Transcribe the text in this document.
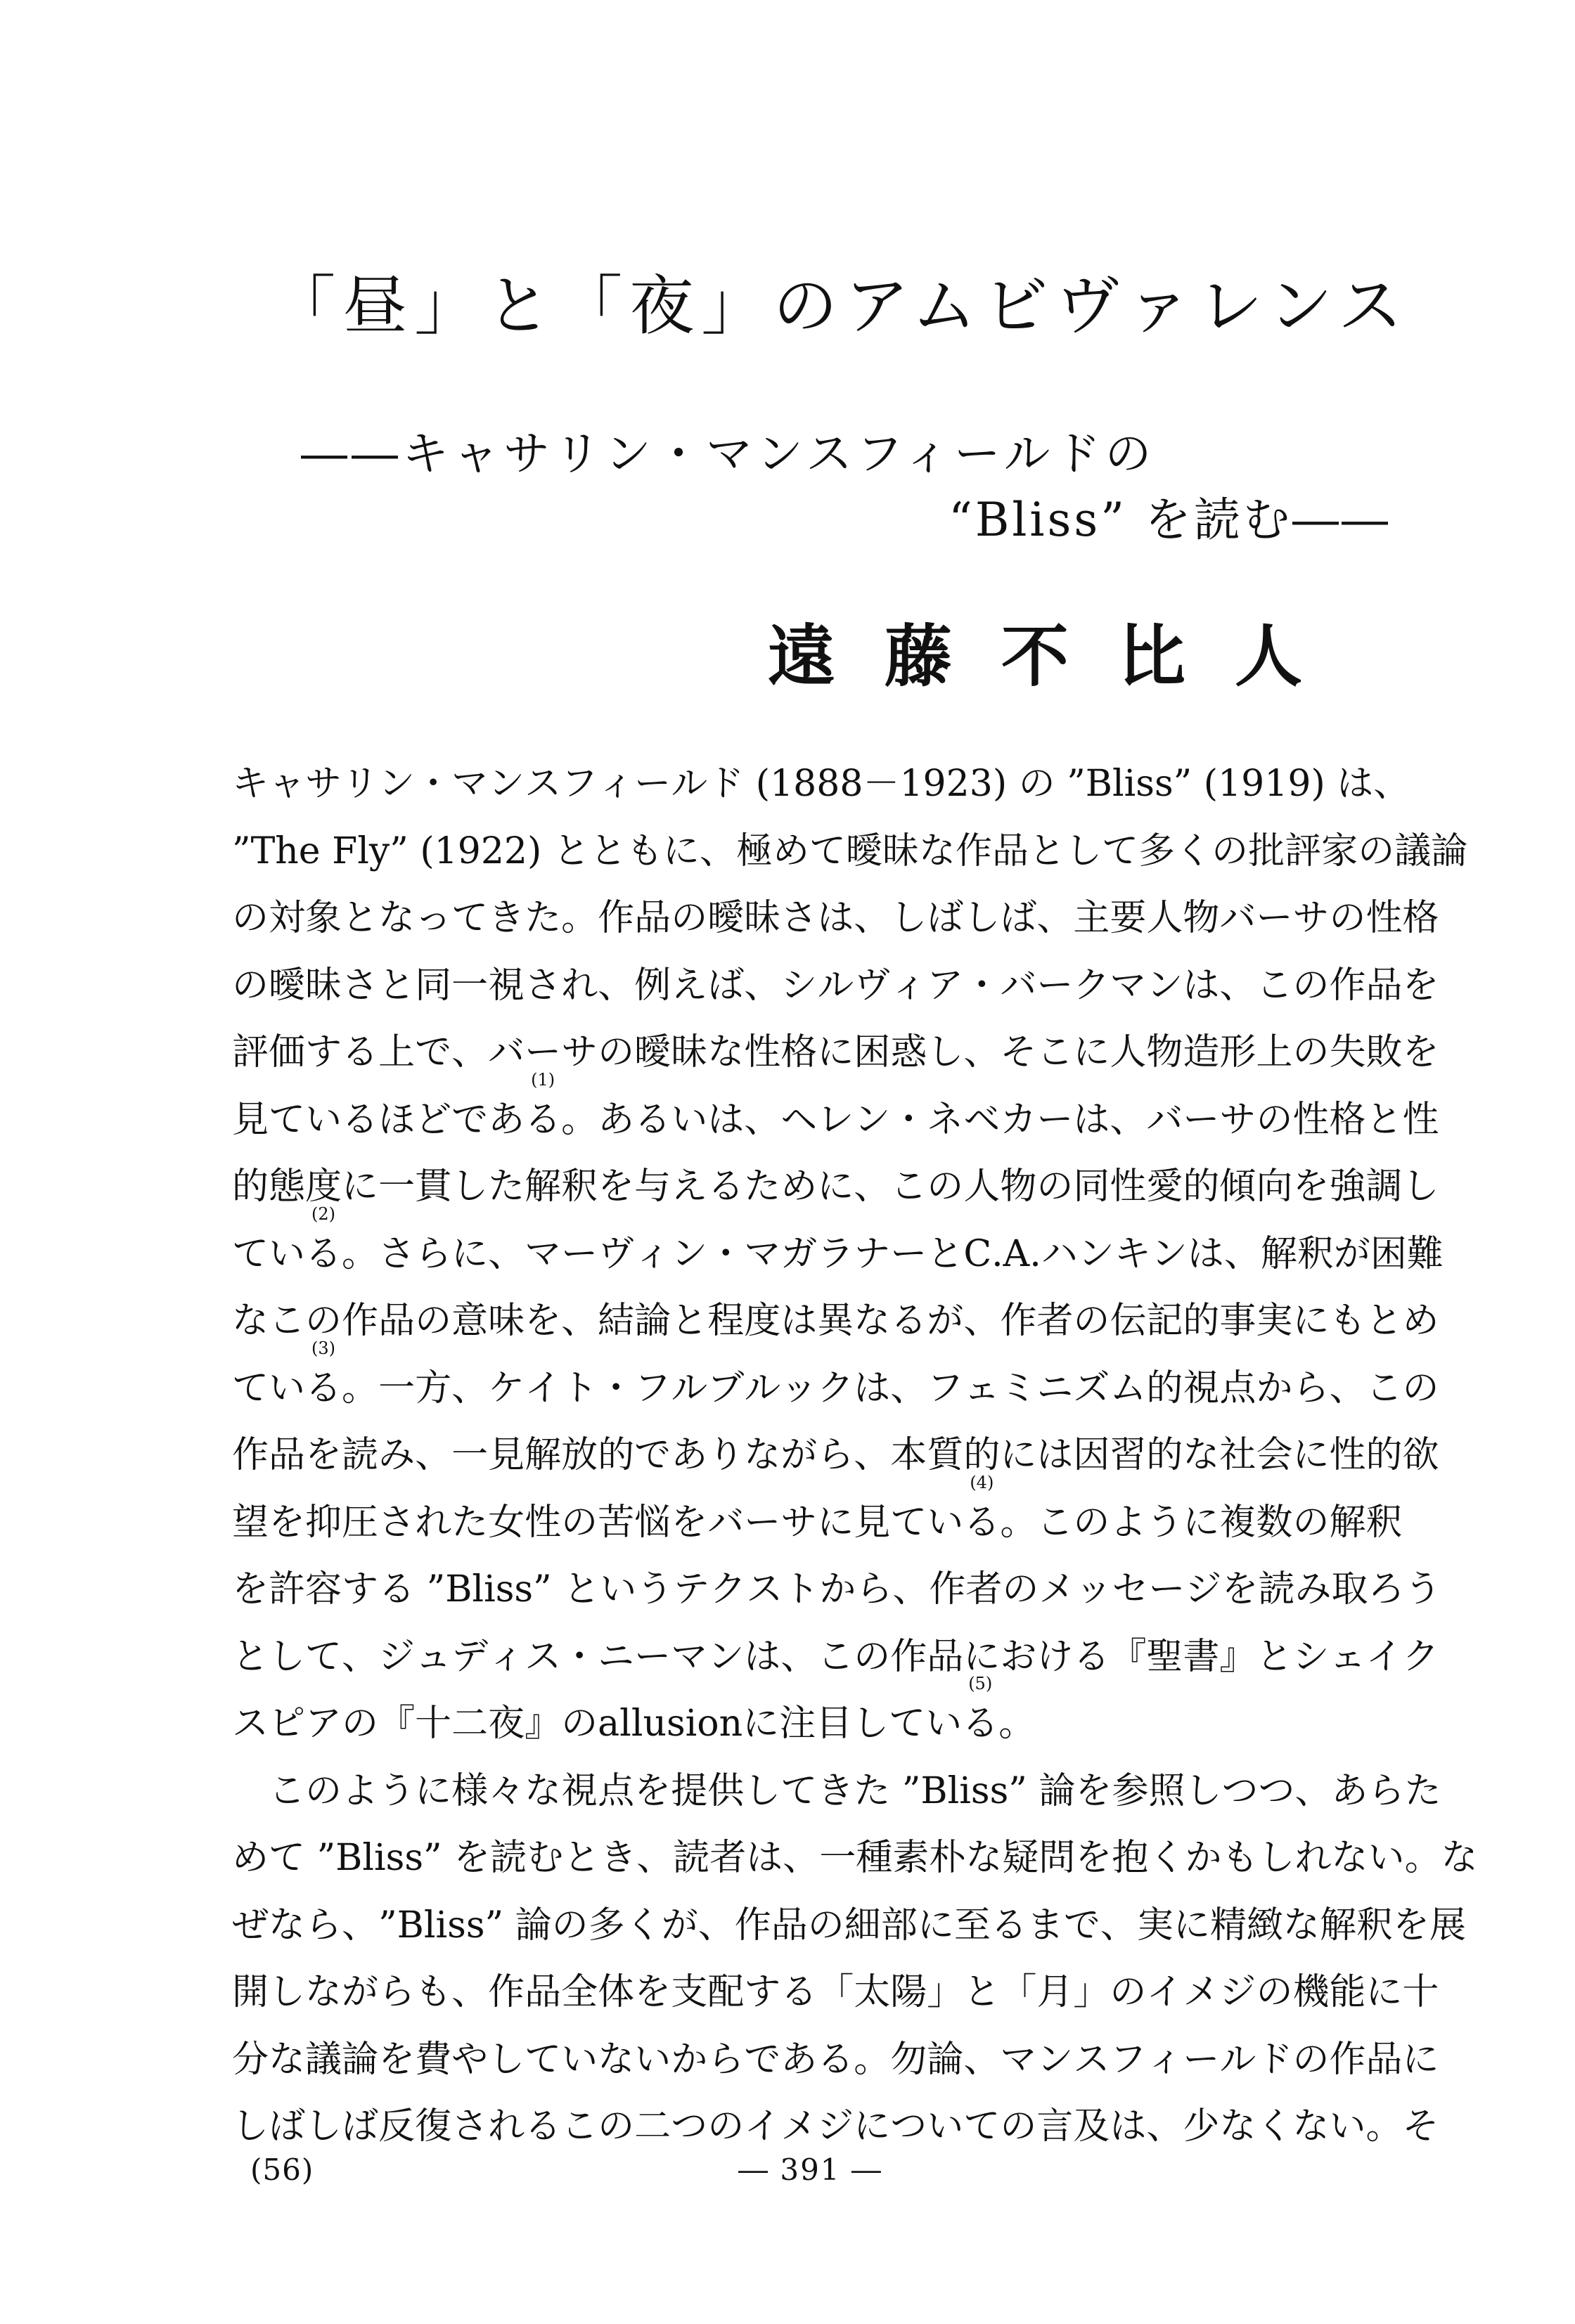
「昼」と「夜」のアムビヴァレンス
――キャサリン・マンスフィールドの
“Bliss” を読む――
遠藤不比人

キ ャ サ リ ン ・ マ ン ス フ ィ ー ル ド
( 1 8 8 8 － 1 9 2 3 )
の
” B l i s s ”
( 1 9 1 9 )
は 、
” T h e
F l y ”
( 1 9 2 2 )
と と も に 、 極 め て 曖 昧 な 作 品 と し て 多 く の 批 評 家 の 議 論
の 対 象 と な っ て き た 。 作 品 の 曖 昧 さ は 、 し ば し ば 、 主 要 人 物 バ ー サ の 性 格
の 曖 昧 さ と 同 一 視 さ れ 、 例 え ば 、 シ ル ヴ ィ ア ・ バ ー ク マ ン は 、 こ の 作 品 を
評 価 す る 上 で 、 バ ー サ の 曖 昧 な 性 格 に 困 惑 し 、 そ こ に 人 物 造 形 上 の 失 敗 を
見 て い る ほ ど で あ
(1)
る 。 あ る い は 、 ヘ レ ン ・ ネ ベ カ ー は 、 バ ー サ の 性 格 と 性
的 態 度 に 一 貫 し た 解 釈 を 与 え る た め に 、 こ の 人 物 の 同 性 愛 的 傾 向 を 強 調 し
て い
(2)
る 。 さ ら に 、 マ ー ヴ ィ ン ・ マ ガ ラ ナ ー と C . A . ハ ン キ ン は 、 解 釈 が 困 難
な こ の 作 品 の 意 味 を 、 結 論 と 程 度 は 異 な る が 、 作 者 の 伝 記 的 事 実 に も と め
て い
(3)
る 。 一 方 、 ケ イ ト ・ フ ル ブ ル ッ ク は 、 フ ェ ミ ニ ズ ム 的 視 点 か ら 、 こ の
作 品 を 読 み 、 一 見 解 放 的 で あ り な が ら 、 本 質 的 に は 因 習 的 な 社 会 に 性 的 欲
望 を 抑 圧 さ れ た 女 性 の 苦 悩 を バ ー サ に 見 て い
(4)
る 。 こ の よ う に 複 数 の 解 釈
を 許 容 す る
” B l i s s ”
と い う テ ク ス ト か ら 、 作 者 の メ ッ セ ー ジ を 読 み 取 ろ う
と し て 、 ジ ュ デ ィ ス ・ ニ ー マ ン は 、 こ の 作 品 に お け る 『 聖 書 』 と シ ェ イ ク
ス ピ ア の 『 十 二 夜 』 の a l l u s i o n に 注 目 し て い
(5)
る 。

こ の よ う に 様 々 な 視 点 を 提 供 し て き た
” B l i s s ”
論 を 参 照 し つ つ 、 あ ら た
め て
” B l i s s ”
を 読 む と き 、 読 者 は 、 一 種 素 朴 な 疑 問 を 抱 く か も し れ な い 。 な
ぜ な ら 、 ” B l i s s ”
論 の 多 く が 、 作 品 の 細 部 に 至 る ま で 、 実 に 精 緻 な 解 釈 を 展
開 し な が ら も 、 作 品 全 体 を 支 配 す る 「 太 陽 」 と 「 月 」 の イ メ ジ の 機 能 に 十
分 な 議 論 を 費 や し て い な い か ら で あ る 。 勿 論 、 マ ン ス フ ィ ー ル ド の 作 品 に
し ば し ば 反 復 さ れ る こ の 二 つ の イ メ ジ に つ い て の 言 及 は 、 少 な く な い 。 そ

(56)	― 391 ―
